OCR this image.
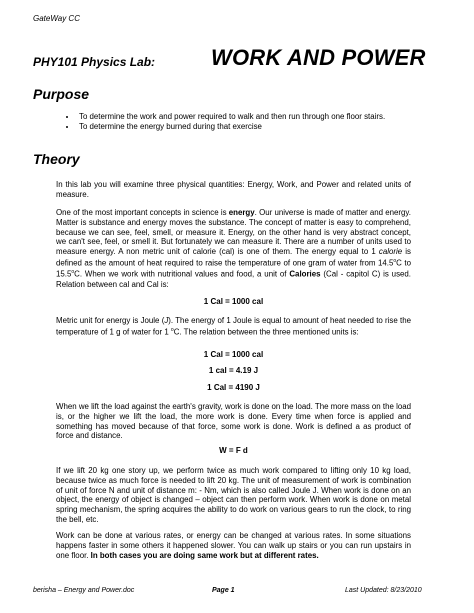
GateWay CC
PHY101 Physics Lab:	WORK AND POWER
Purpose
• To determine the work and power required to walk and then run through one floor stairs.
• To determine the energy burned during that exercise
Theory
In this lab you will examine three physical quantities: Energy, Work, and Power and related units of measure.
One of the most important concepts in science is energy. Our universe is made of matter and energy. Matter is substance and energy moves the substance. The concept of matter is easy to comprehend, because we can see, feel, smell, or measure it. Energy, on the other hand is very abstract concept, we can't see, feel, or smell it. But fortunately we can measure it. There are a number of units used to measure energy. A non metric unit of calorie (cal) is one of them. The energy equal to 1 calorie is defined as the amount of heat required to raise the temperature of one gram of water from 14.5$^o$C to 15.5$^o$C. When we work with nutritional values and food, a unit of Calories (Cal - capitol C) is used. Relation between cal and Cal is:
1 Cal = 1000 cal
Metric unit for energy is Joule (J). The energy of 1 Joule is equal to amount of heat needed to rise the temperature of 1 g of water for 1 $^o$C. The relation between the three mentioned units is:
1 Cal = 1000 cal
1 cal = 4.19 J
1 Cal = 4190 J
When we lift the load against the earth's gravity, work is done on the load. The more mass on the load is, or the higher we lift the load, the more work is done. Every time when force is applied and something has moved because of that force, some work is done. Work is defined a as product of force and distance.
W = F d
If we lift 20 kg one story up, we perform twice as much work compared to lifting only 10 kg load, because twice as much force is needed to lift 20 kg. The unit of measurement of work is combination of unit of force N and unit of distance m: - Nm, which is also called Joule J. When work is done on an object, the energy of object is changed – object can then perform work. When work is done on metal spring mechanism, the spring acquires the ability to do work on various gears to run the clock, to ring the bell, etc.
Work can be done at various rates, or energy can be changed at various rates. In some situations happens faster in some others it happened slower. You can walk up stairs or you can run upstairs in one floor. In both cases you are doing same work but at different rates.
berisha – Energy and Power.doc	Page 1	Last Updated: 8/23/2010
